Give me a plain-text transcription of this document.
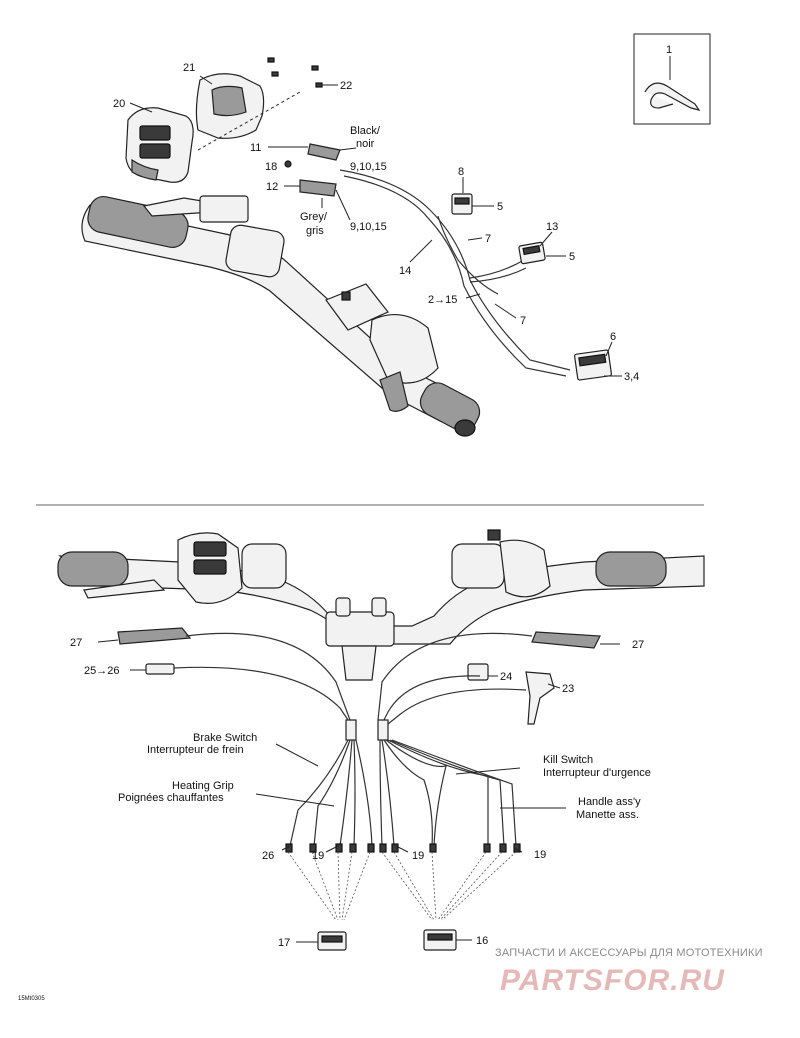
1
21
22
20
8
5
13
5
6
3,4
7
7
14
2→15
11
18
12
9,10,15
9,10,15
Black/
noir
Grey/
gris
27
25→26
27
24
23
17	16
26	19	19	19
Brake Switch
Interrupteur de frein
Heating Grip
Poignées chauffantes
Kill Switch
Interrupteur d'urgence
Handle ass'y
Manette ass.
ЗАПЧАСТИ И АКСЕССУАРЫ ДЛЯ МОТОТЕХНИКИ
PARTSFOR.RU
15Mt0305
